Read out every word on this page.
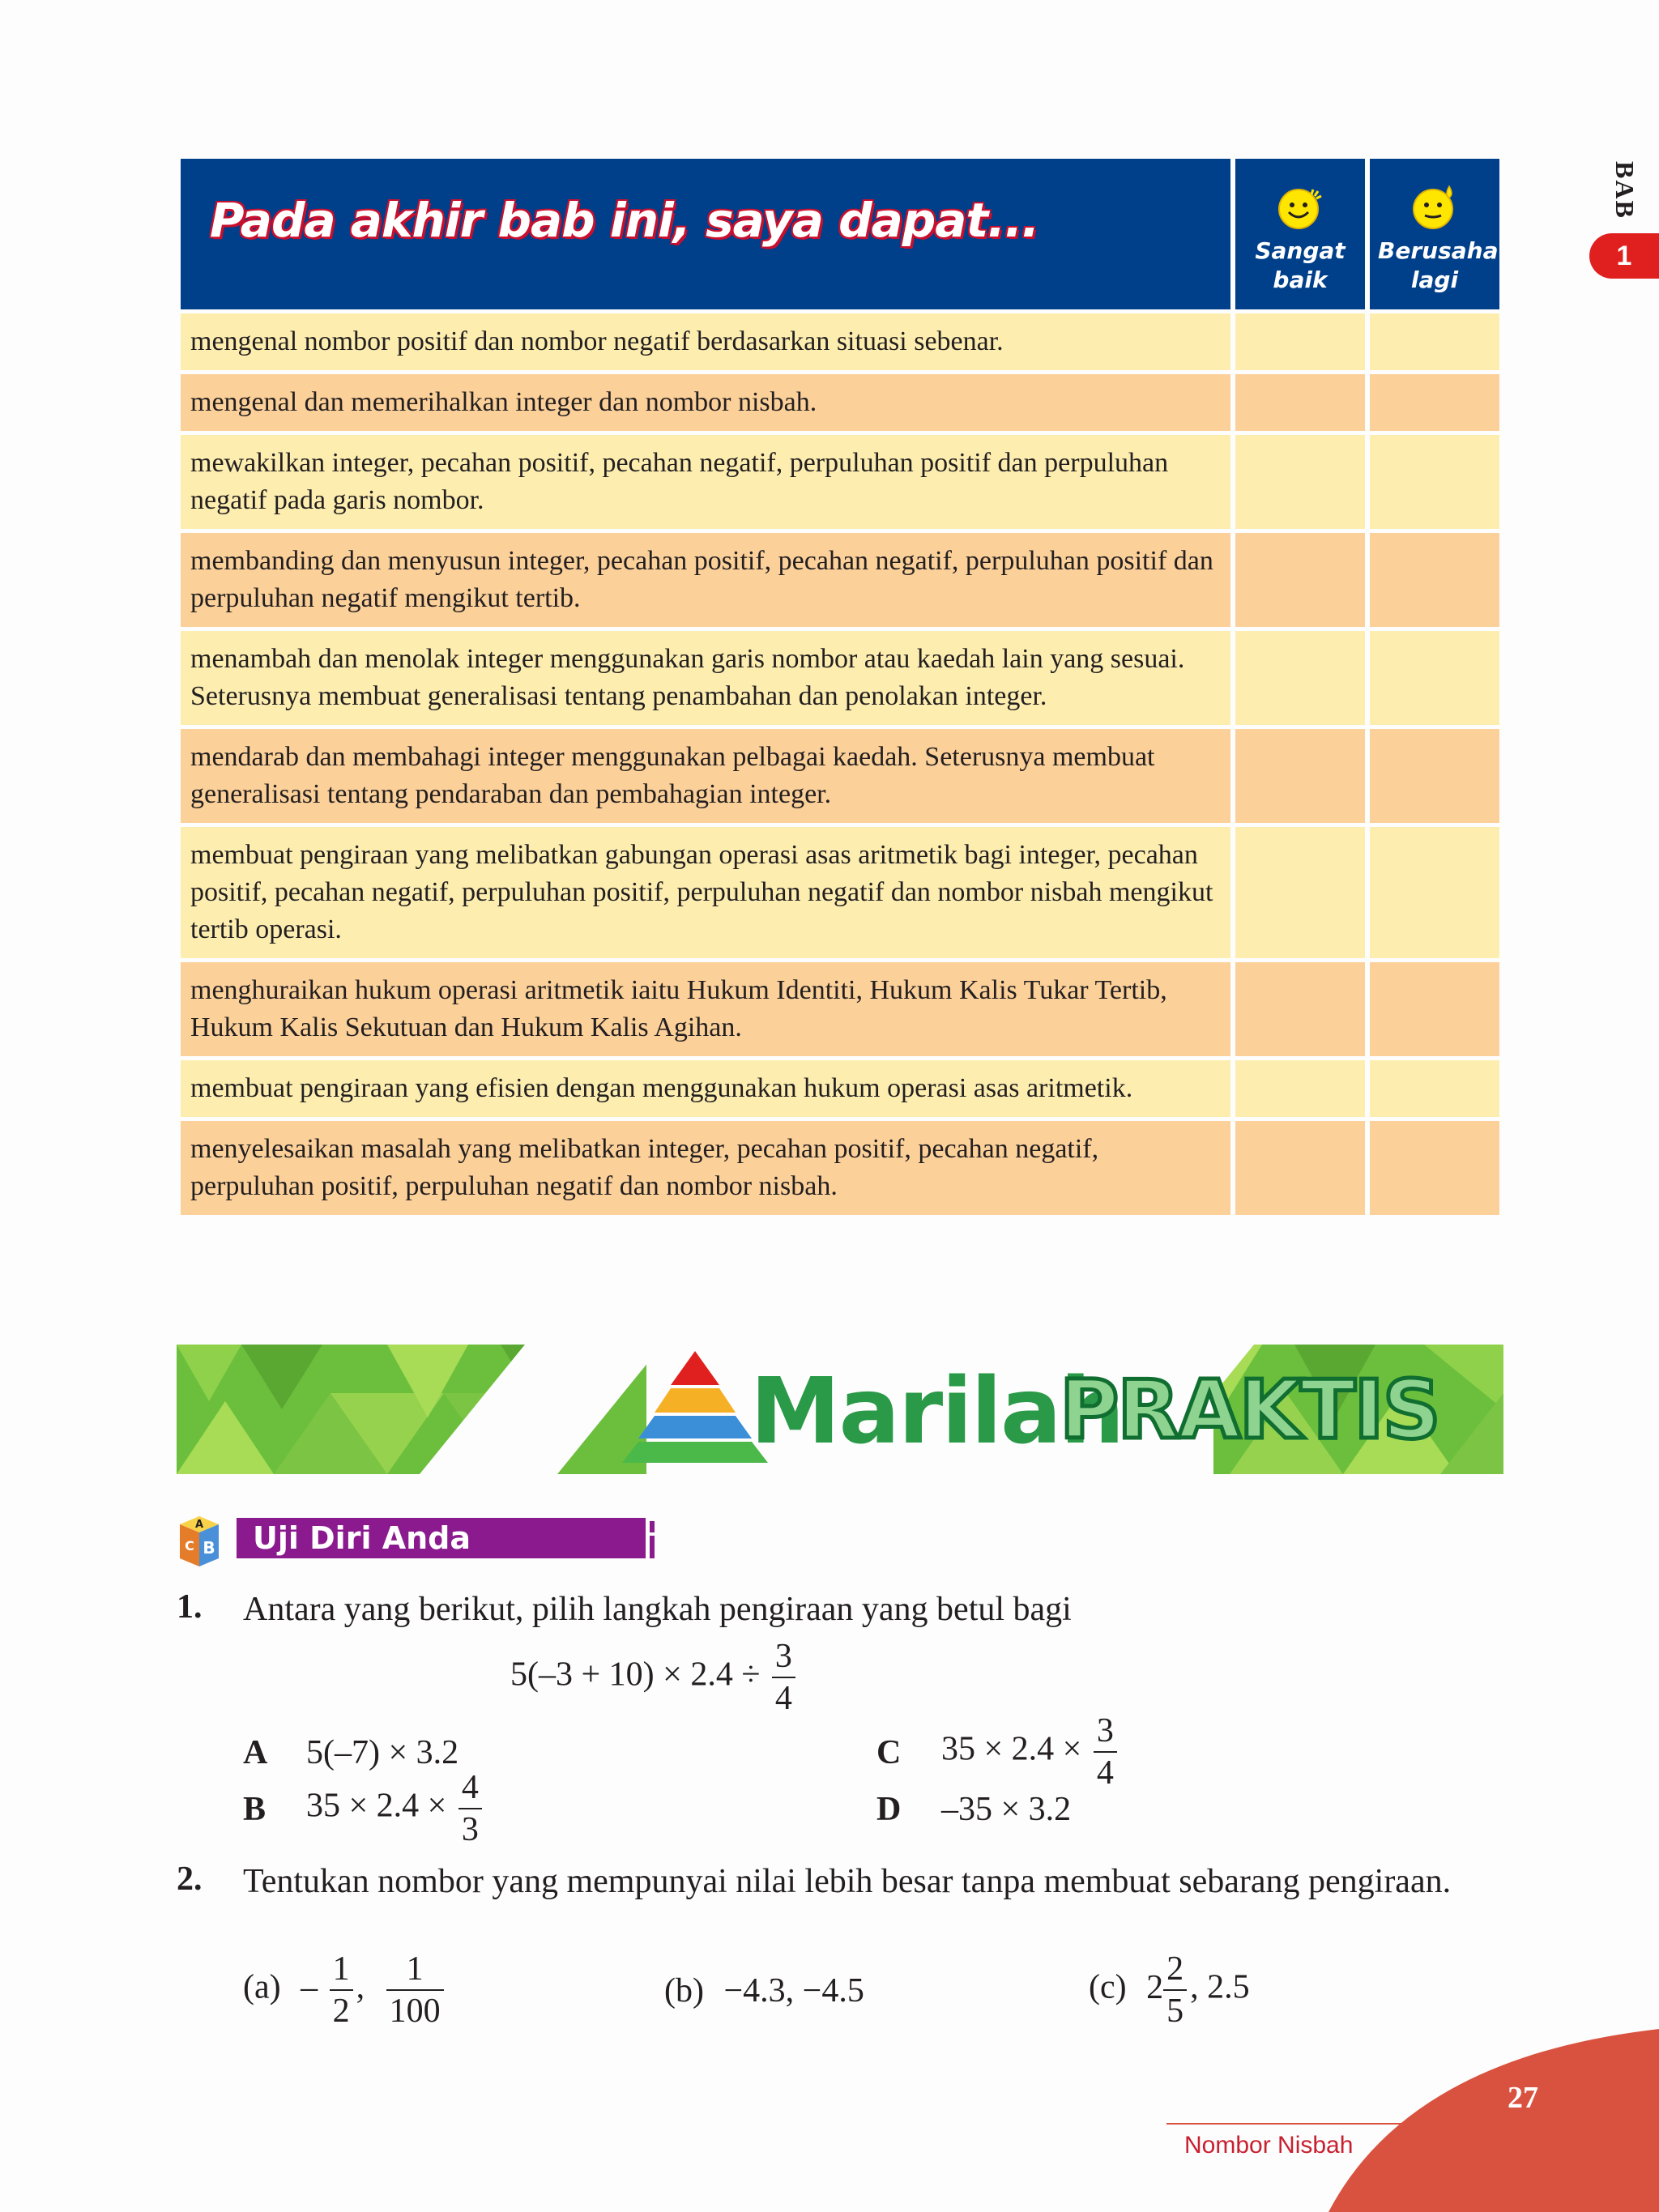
BAB
1
Pada akhir bab ini, saya dapat...
Sangat baik
Berusaha lagi
mengenal nombor positif dan nombor negatif berdasarkan situasi sebenar.
mengenal dan memerihalkan integer dan nombor nisbah.
mewakilkan integer, pecahan positif, pecahan negatif, perpuluhan positif dan perpuluhan negatif pada garis nombor.
membanding dan menyusun integer, pecahan positif, pecahan negatif, perpuluhan positif dan perpuluhan negatif mengikut tertib.
menambah dan menolak integer menggunakan garis nombor atau kaedah lain yang sesuai. Seterusnya membuat generalisasi tentang penambahan dan penolakan integer.
mendarab dan membahagi integer menggunakan pelbagai kaedah. Seterusnya membuat generalisasi tentang pendaraban dan pembahagian integer.
membuat pengiraan yang melibatkan gabungan operasi asas aritmetik bagi integer, pecahan positif, pecahan negatif, perpuluhan positif, perpuluhan negatif dan nombor nisbah mengikut tertib operasi.
menghuraikan hukum operasi aritmetik iaitu Hukum Identiti, Hukum Kalis Tukar Tertib, Hukum Kalis Sekutuan dan Hukum Kalis Agihan.
membuat pengiraan yang efisien dengan menggunakan hukum operasi asas aritmetik.
menyelesaikan masalah yang melibatkan integer, pecahan positif, pecahan negatif, perpuluhan positif, perpuluhan negatif dan nombor nisbah.
Marilah
PRAKTIS
A
B
C Uji Diri Anda
1. Antara yang berikut, pilih langkah pengiraan yang betul bagi
$5(-3 + 10) \times 2.4 \div \frac{3}{4}$
A 5(–7) × 3.2
B $35 \times 2.4 \times \frac{4}{3}$
C $35 \times 2.4 \times \frac{3}{4}$
D –35 × 3.2
2. Tentukan nombor yang mempunyai nilai lebih besar tanpa membuat sebarang pengiraan.
$(a) - \frac{1}{2}$ , $\frac{1}{100}$	(b) −4.3, −4.5	(c) $2 \frac{2}{5}$ , 2.5
27
Nombor Nisbah
